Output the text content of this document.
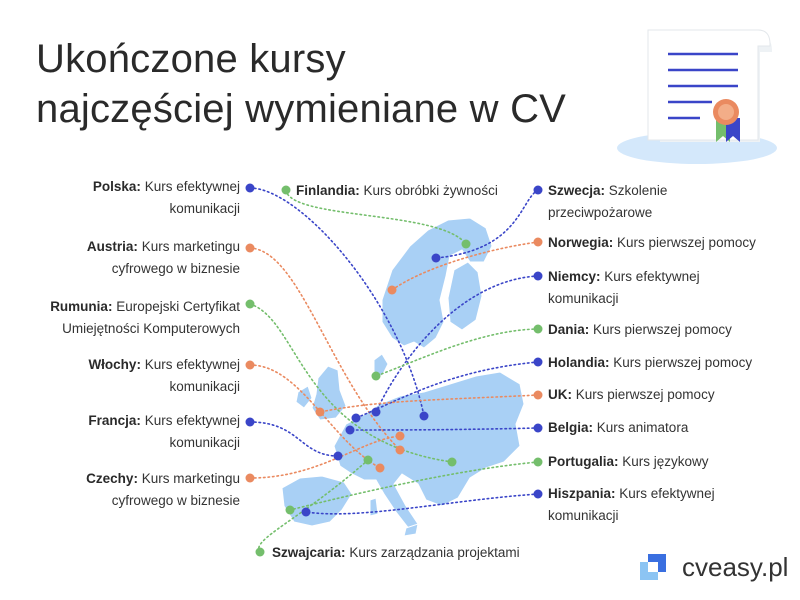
Ukończone kursy
najczęściej wymieniane w CV
Polska: Kurs efektywnej
komunikacji
Austria: Kurs marketingu
cyfrowego w biznesie
Rumunia: Europejski Certyfikat
Umiejętności Komputerowych
Włochy: Kurs efektywnej
komunikacji
Francja: Kurs efektywnej
komunikacji
Czechy: Kurs marketingu
cyfrowego w biznesie
Finlandia: Kurs obróbki żywności
Szwajcaria: Kurs zarządzania projektami
Szwecja: Szkolenie
przeciwpożarowe
Norwegia: Kurs pierwszej pomocy
Niemcy: Kurs efektywnej
komunikacji
Dania: Kurs pierwszej pomocy
Holandia: Kurs pierwszej pomocy
UK: Kurs pierwszej pomocy
Belgia: Kurs animatora
Portugalia: Kurs językowy
Hiszpania: Kurs efektywnej
komunikacji
cveasy.pl
